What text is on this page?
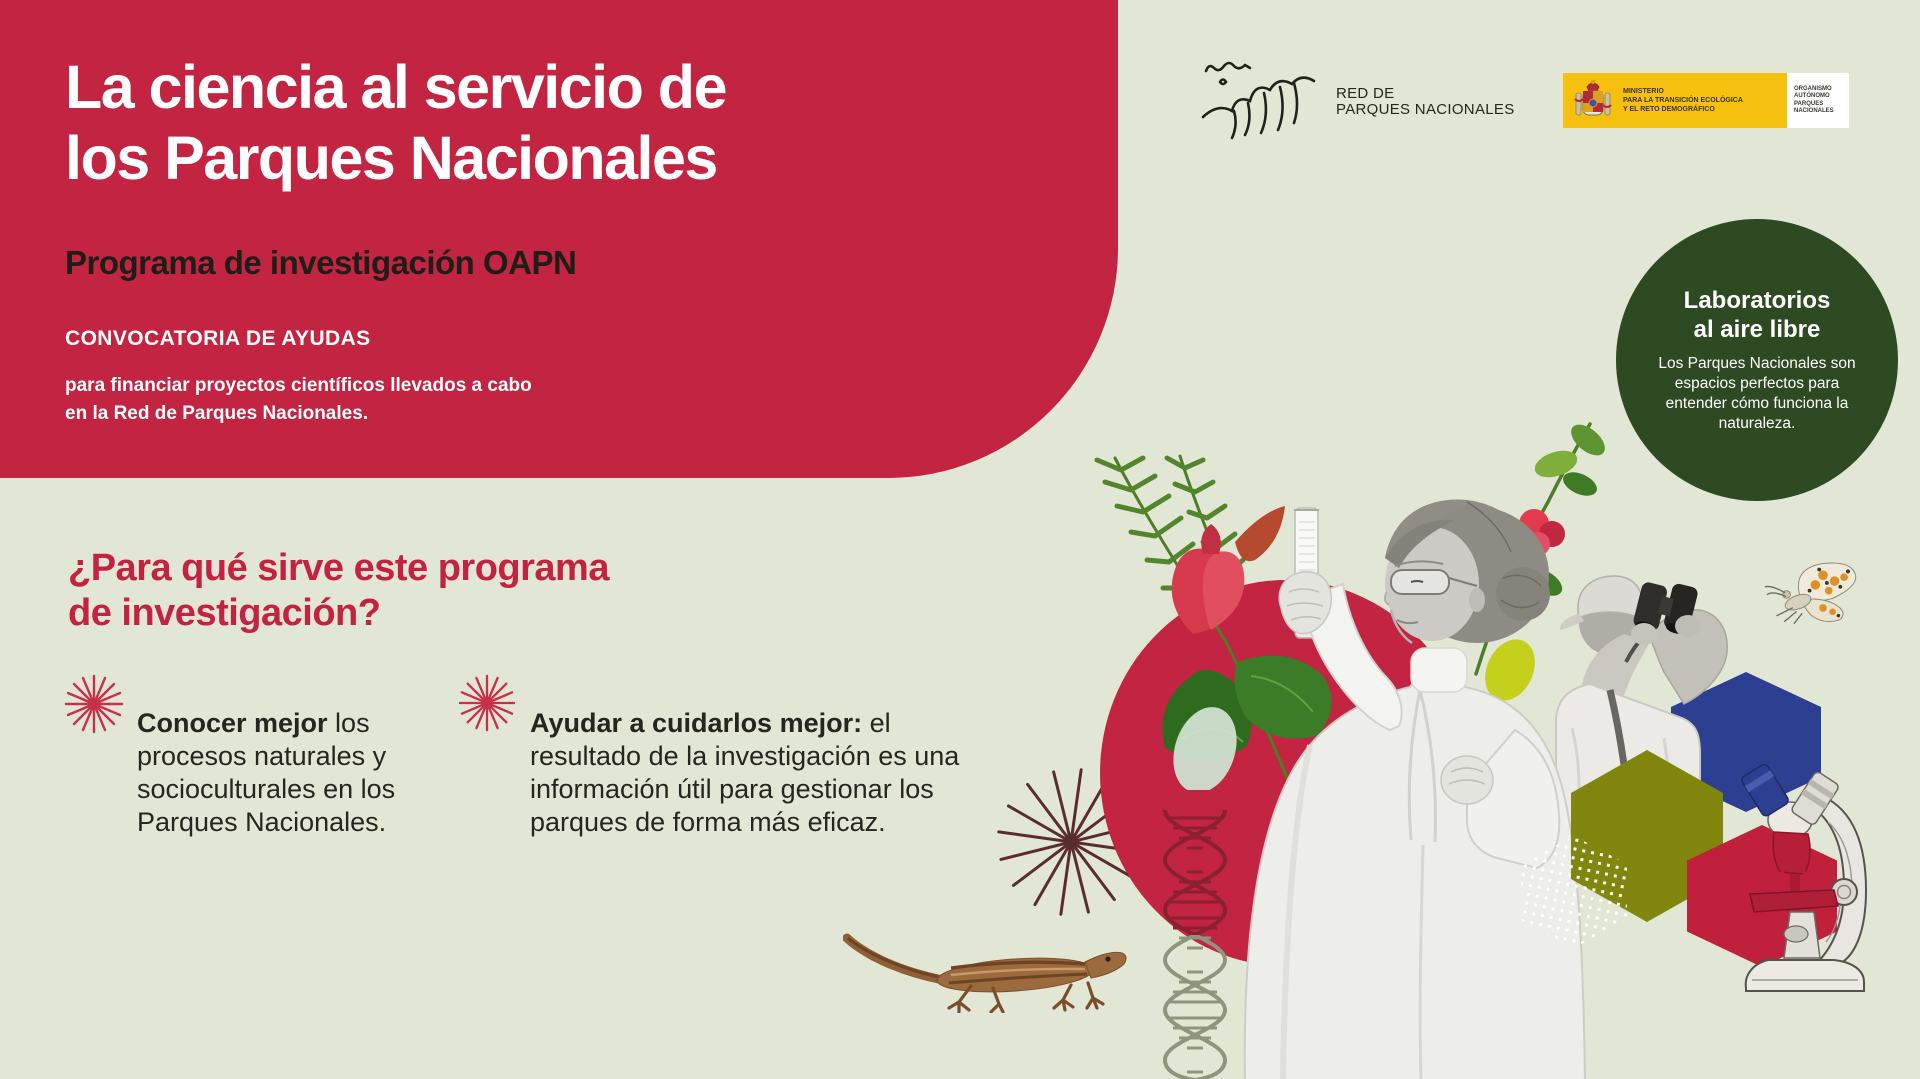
La ciencia al servicio de
los Parques Nacionales
Programa de investigación OAPN
CONVOCATORIA DE AYUDAS
para financiar proyectos científicos llevados a cabo
en la Red de Parques Nacionales.
RED DE
PARQUES NACIONALES
MINISTERIO
PARA LA TRANSICIÓN ECOLÓGICA
Y EL RETO DEMOGRÁFICO
ORGANISMO
AUTÓNOMO
PARQUES
NACIONALES
Laboratorios
al aire libre
Los Parques Nacionales son espacios perfectos para entender cómo funciona la naturaleza.
¿Para qué sirve este programa
de investigación?

Conocer mejor los procesos naturales y socioculturales en los Parques Nacionales.

Ayudar a cuidarlos mejor: el resultado de la investigación es una información útil para gestionar los parques de forma más eficaz.
